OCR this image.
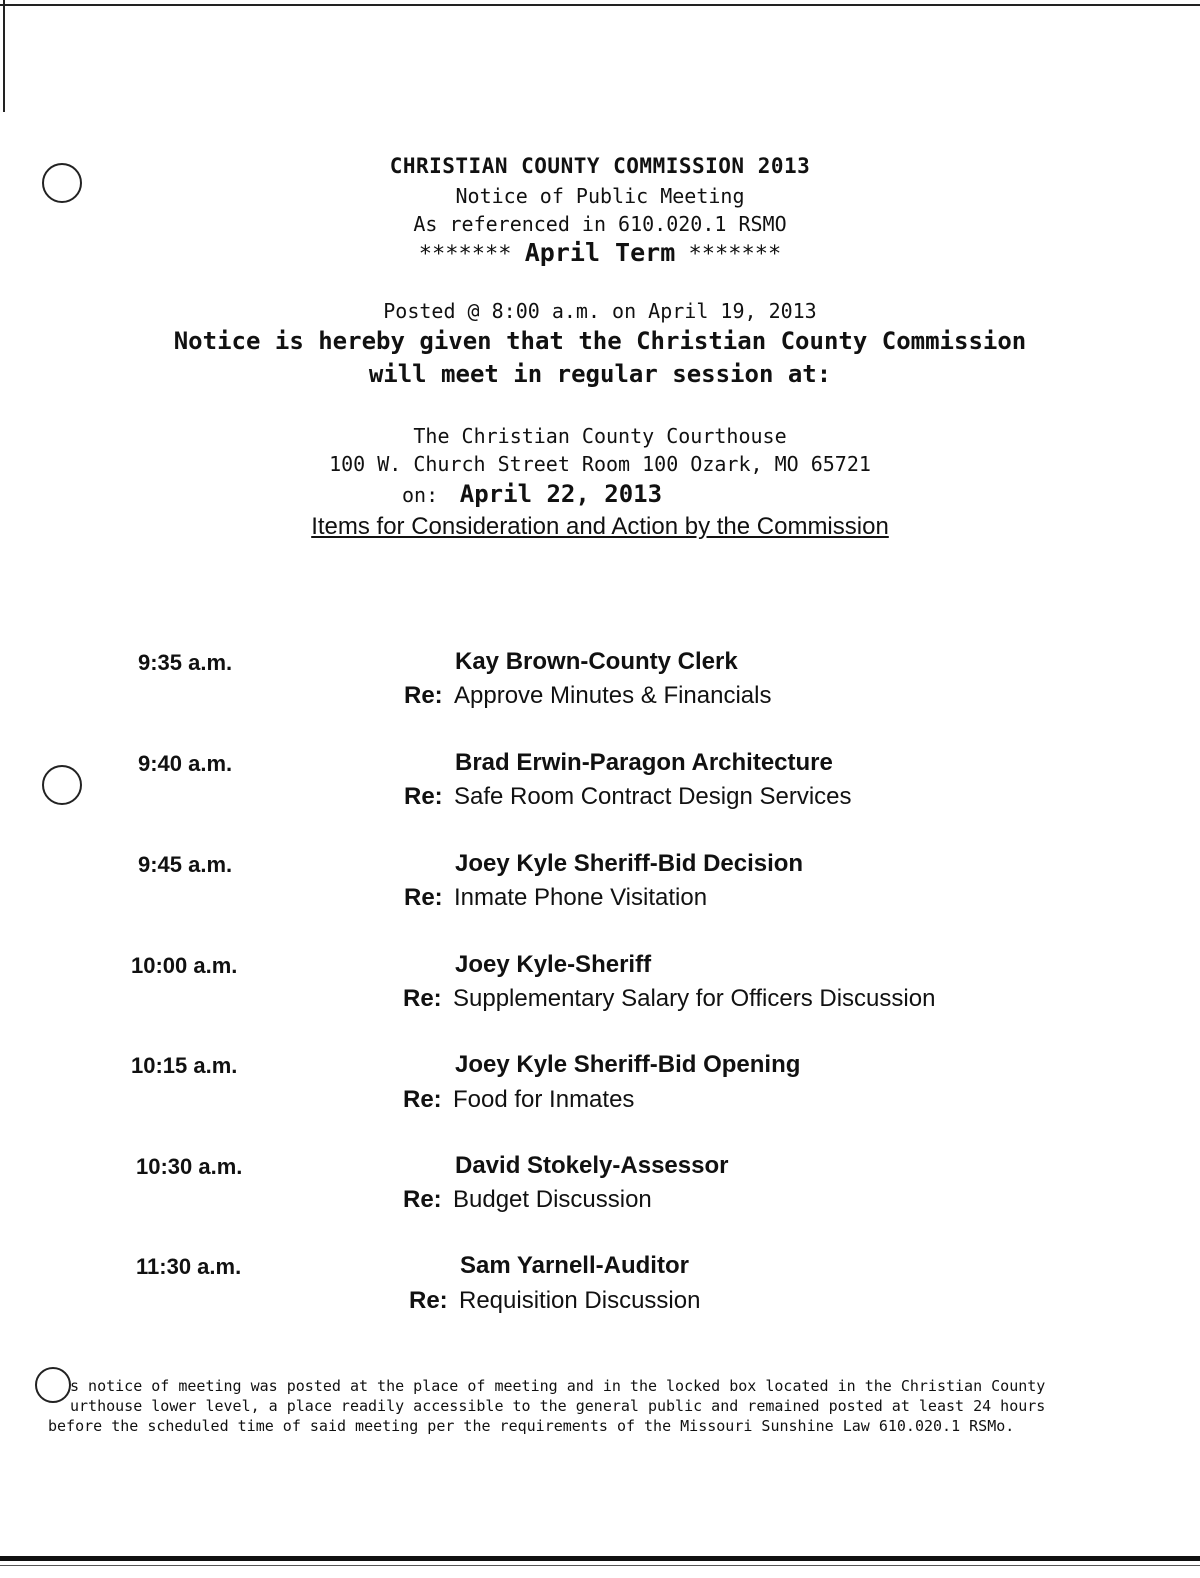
CHRISTIAN COUNTY COMMISSION 2013
Notice of Public Meeting
As referenced in 610.020.1 RSMO
******* April Term *******
Posted @ 8:00 a.m. on April 19, 2013
Notice is hereby given that the Christian County Commission
will meet in regular session at:
The Christian County Courthouse
100 W. Church Street Room 100 Ozark, MO 65721
on: April 22, 2013
Items for Consideration and Action by the Commission
9:35 a.m.	Kay Brown-County Clerk
Re: Approve Minutes & Financials
9:40 a.m.	Brad Erwin-Paragon Architecture
Re: Safe Room Contract Design Services
9:45 a.m.	Joey Kyle Sheriff-Bid Decision
Re: Inmate Phone Visitation
10:00 a.m.	Joey Kyle-Sheriff
Re: Supplementary Salary for Officers Discussion
10:15 a.m.	Joey Kyle Sheriff-Bid Opening
Re: Food for Inmates
10:30 a.m.	David Stokely-Assessor
Re: Budget Discussion
11:30 a.m.	Sam Yarnell-Auditor
Re: Requisition Discussion
s notice of meeting was posted at the place of meeting and in the locked box located in the Christian County
urthouse lower level, a place readily accessible to the general public and remained posted at least 24 hours
before the scheduled time of said meeting per the requirements of the Missouri Sunshine Law 610.020.1 RSMo.
